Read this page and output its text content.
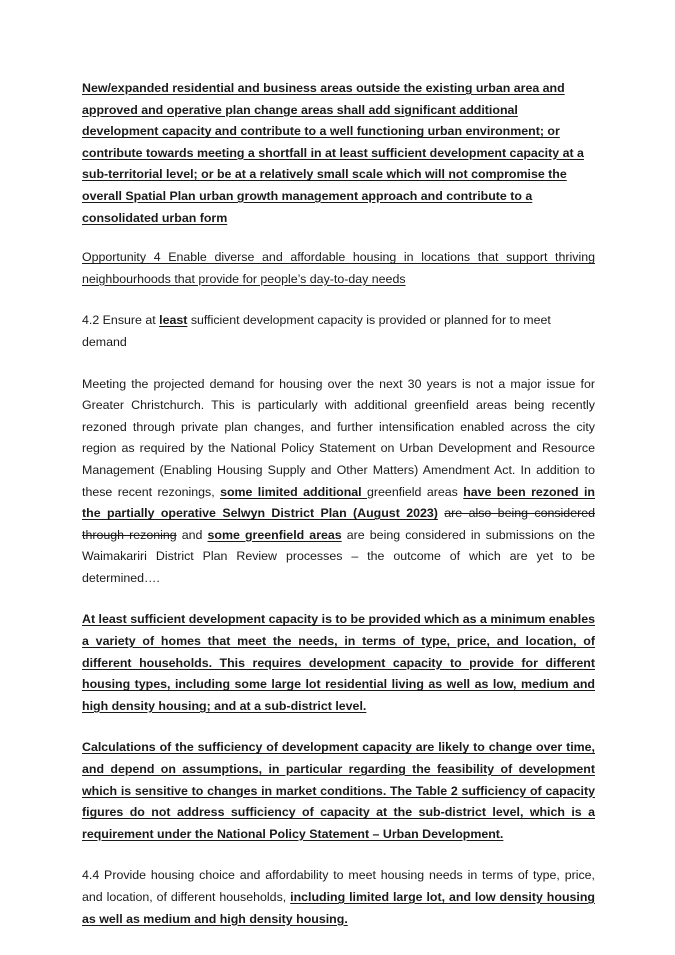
New/expanded residential and business areas outside the existing urban area and
approved and operative plan change areas shall add significant additional
development capacity and contribute to a well functioning urban environment; or
contribute towards meeting a shortfall in at least sufficient development capacity at a
sub-territorial level; or be at a relatively small scale which will not compromise the
overall Spatial Plan urban growth management approach and contribute to a
consolidated urban form

Opportunity 4 Enable diverse and affordable housing in locations that support thriving neighbourhoods that provide for people’s day-to-day needs

4.2 Ensure at least sufficient development capacity is provided or planned for to meet demand

Meeting the projected demand for housing over the next 30 years is not a major issue for Greater Christchurch. This is particularly with additional greenfield areas being recently rezoned through private plan changes, and further intensification enabled across the city region as required by the National Policy Statement on Urban Development and Resource Management (Enabling Housing Supply and Other Matters) Amendment Act. In addition to these recent rezonings, some limited additional greenfield areas have been rezoned in the partially operative Selwyn District Plan (August 2023) are also being considered through rezoning and some greenfield areas are being considered in submissions on the Waimakariri District Plan Review processes – the outcome of which are yet to be determined….

At least sufficient development capacity is to be provided which as a minimum enables a variety of homes that meet the needs, in terms of type, price, and location, of different households. This requires development capacity to provide for different housing types, including some large lot residential living as well as low, medium and high density housing; and at a sub-district level.

Calculations of the sufficiency of development capacity are likely to change over time, and depend on assumptions, in particular regarding the feasibility of development which is sensitive to changes in market conditions. The Table 2 sufficiency of capacity figures do not address sufficiency of capacity at the sub-district level, which is a requirement under the National Policy Statement – Urban Development.

4.4 Provide housing choice and affordability to meet housing needs in terms of type, price, and location, of different households, including limited large lot, and low density housing as well as medium and high density housing.
